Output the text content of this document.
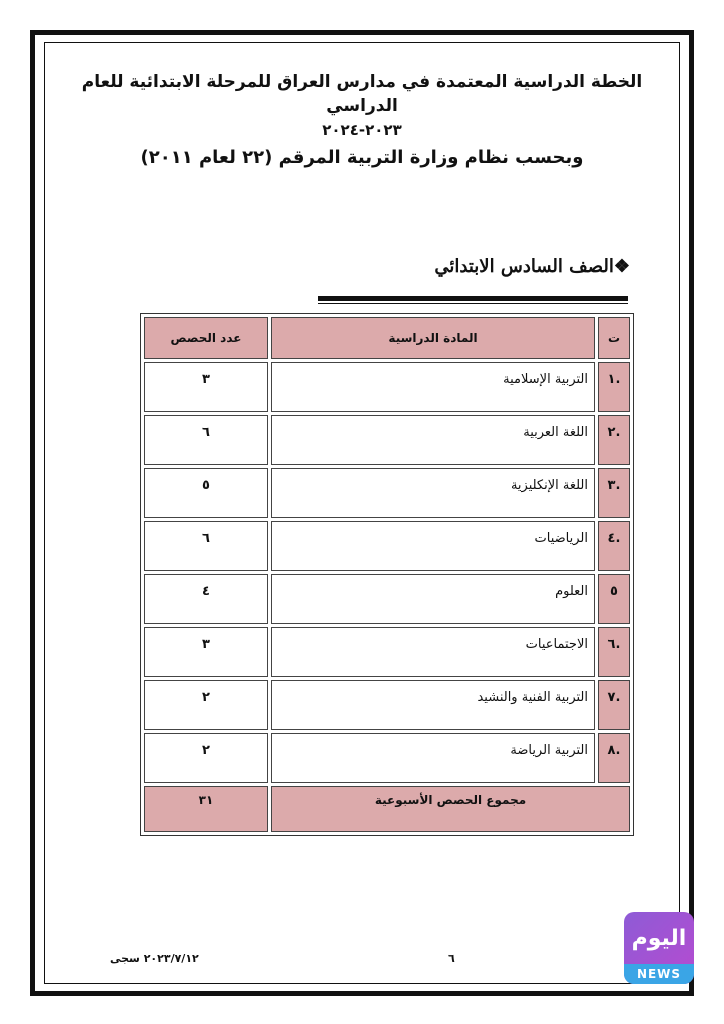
الخطة الدراسية المعتمدة في مدارس العراق للمرحلة الابتدائية للعام الدراسي
٢٠٢٣-٢٠٢٤
وبحسب نظام وزارة التربية المرقم (٢٢ لعام ٢٠١١)
❖الصف السادس الابتدائي
ت	المادة الدراسية	عدد الحصص
.١	التربية الإسلامية	٣
.٢	اللغة العربية	٦
.٣	اللغة الإنكليزية	٥
.٤	الرياضيات	٦
٥	العلوم	٤
.٦	الاجتماعيات	٣
.٧	التربية الفنية والنشيد	٢
.٨	التربية الرياضة	٢
مجموع الحصص الأسبوعية		٣١
٢٠٢٣/٧/١٢ سجى	٦
اليوم
NEWS
